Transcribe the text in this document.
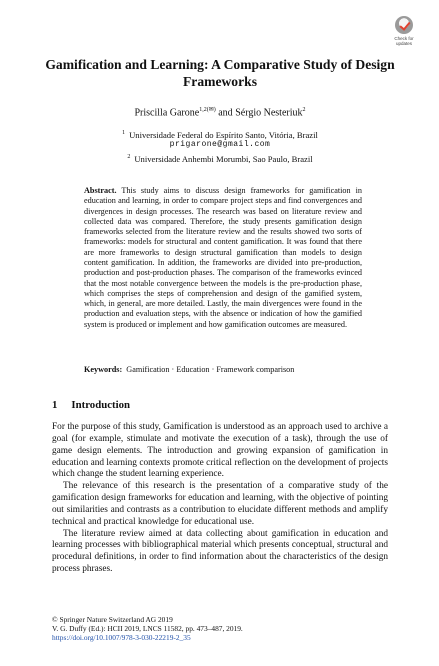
Check for updates
Gamification and Learning: A Comparative Study of Design Frameworks
Priscilla Garone$^{1,2(✉)}$ and Sérgio Nesteriuk$^2$
$^1$ Universidade Federal do Espírito Santo, Vitória, Brazil
prigarone@gmail.com
$^2$ Universidade Anhembi Morumbi, Sao Paulo, Brazil

Abstract. This study aims to discuss design frameworks for gamification in education and learning, in order to compare project steps and find convergences and divergences in design processes. The research was based on literature review and collected data was compared. Therefore, the study presents gamification design frameworks selected from the literature review and the results showed two sorts of frameworks: models for structural and content gamification. It was found that there are more frameworks to design structural gamification than models to design content gamification. In addition, the frameworks are divided into pre-production, production and post-production phases. The comparison of the frameworks evinced that the most notable convergence between the models is the pre-production phase, which comprises the steps of comprehension and design of the gamified system, which, in general, are more detailed. Lastly, the main divergences were found in the production and evaluation steps, with the absence or indication of how the gamified system is produced or implement and how gamification outcomes are measured.

Keywords: Gamification · Education · Framework comparison
1 Introduction

For the purpose of this study, Gamification is understood as an approach used to archive a goal (for example, stimulate and motivate the execution of a task), through the use of game design elements. The introduction and growing expansion of gamification in education and learning contexts promote critical reflection on the development of projects which change the student learning experience.

The relevance of this research is the presentation of a comparative study of the gamification design frameworks for education and learning, with the objective of pointing out similarities and contrasts as a contribution to elucidate different methods and amplify technical and practical knowledge for educational use.

The literature review aimed at data collecting about gamification in education and learning processes with bibliographical material which presents conceptual, structural and procedural definitions, in order to find information about the characteristics of the design process phrases.

© Springer Nature Switzerland AG 2019
V. G. Duffy (Ed.): HCII 2019, LNCS 11582, pp. 473–487, 2019.
https://doi.org/10.1007/978-3-030-22219-2_35
